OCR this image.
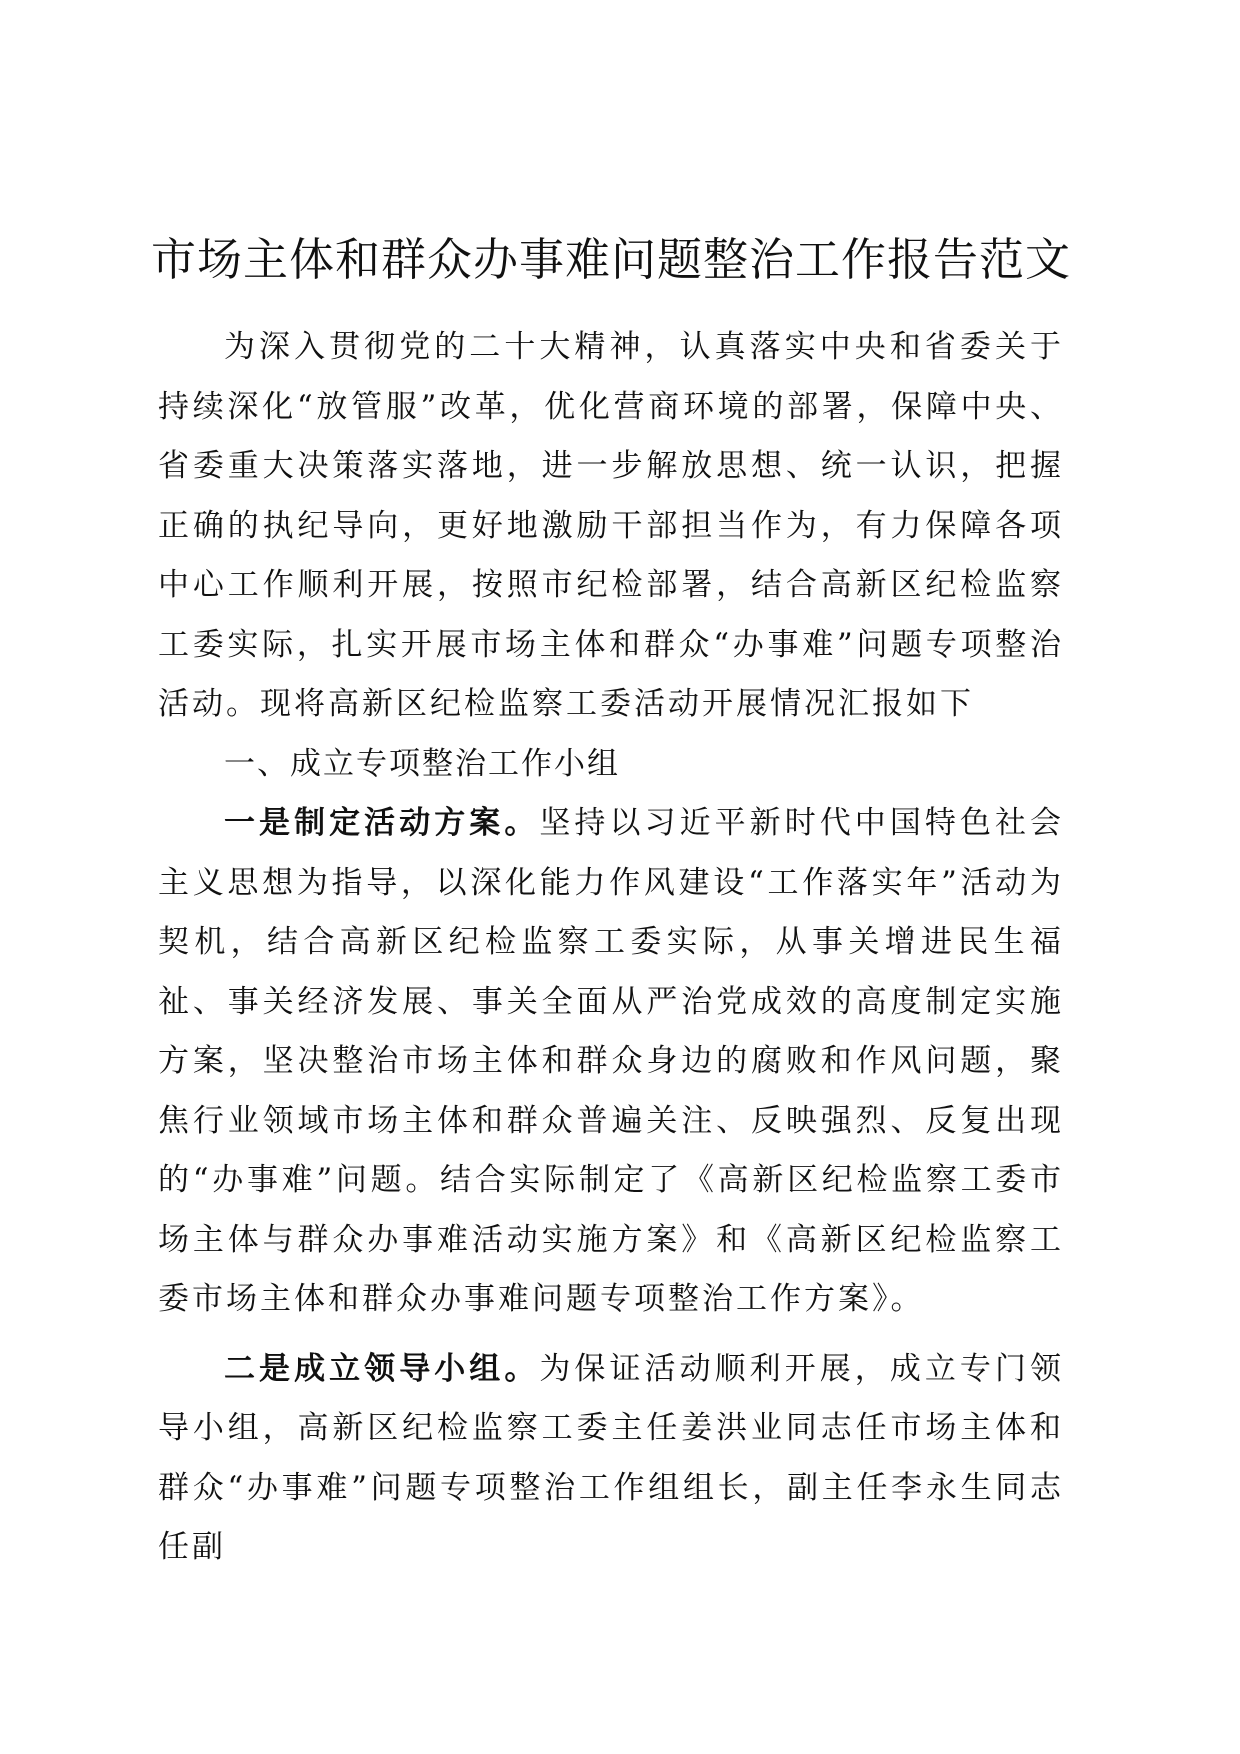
市场主体和群众办事难问题整治工作报告范文

为深入贯彻党的二十大精神，认真落实中央和省委关于持续深化“放管服”改革，优化营商环境的部署，保障中央、省委重大决策落实落地，进一步解放思想、统一认识，把握正确的执纪导向，更好地激励干部担当作为，有力保障各项中心工作顺利开展，按照市纪检部署，结合高新区纪检监察工委实际，扎实开展市场主体和群众“办事难”问题专项整治活动。现将高新区纪检监察工委活动开展情况汇报如下

一、成立专项整治工作小组

一是制定活动方案。坚持以习近平新时代中国特色社会主义思想为指导，以深化能力作风建设“工作落实年”活动为契机，结合高新区纪检监察工委实际，从事关增进民生福祉、事关经济发展、事关全面从严治党成效的高度制定实施方案，坚决整治市场主体和群众身边的腐败和作风问题，聚焦行业领域市场主体和群众普遍关注、反映强烈、反复出现的“办事难”问题。结合实际制定了《高新区纪检监察工委市场主体与群众办事难活动实施方案》和《高新区纪检监察工委市场主体和群众办事难问题专项整治工作方案》。

二是成立领导小组。为保证活动顺利开展，成立专门领导小组，高新区纪检监察工委主任姜洪业同志任市场主体和群众“办事难”问题专项整治工作组组长，副主任李永生同志任副
